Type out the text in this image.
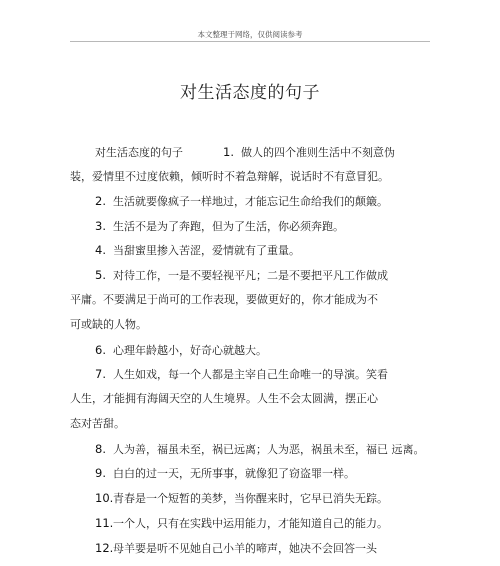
本文整理于网络，仅供阅读参考
对生活态度的句子
对生活态度的句子	1. 做人的四个准则生活中不刻意伪
装，爱情里不过度依赖，倾听时不着急辩解，说话时不有意冒犯。
2. 生活就要像疯子一样地过，才能忘记生命给我们的颠簸。
3. 生活不是为了奔跑，但为了生活，你必须奔跑。
4. 当甜蜜里掺入苦涩，爱情就有了重量。
5. 对待工作，一是不要轻视平凡；二是不要把平凡工作做成
平庸。不要满足于尚可的工作表现，要做更好的，你才能成为不
可或缺的人物。
6. 心理年龄越小，好奇心就越大。
7. 人生如戏，每一个人都是主宰自己生命唯一的导演。笑看
人生，才能拥有海阔天空的人生境界。人生不会太圆满，摆正心
态对苦甜。
8. 人为善，福虽未至，祸已远离；人为恶，祸虽未至，福已 远离。
9. 白白的过一天，无所事事，就像犯了窃盗罪一样。
10.青春是一个短暂的美梦，当你醒来时，它早已消失无踪。
11.一个人，只有在实践中运用能力，才能知道自己的能力。
12.母羊要是听不见她自己小羊的啼声，她决不会回答一头
